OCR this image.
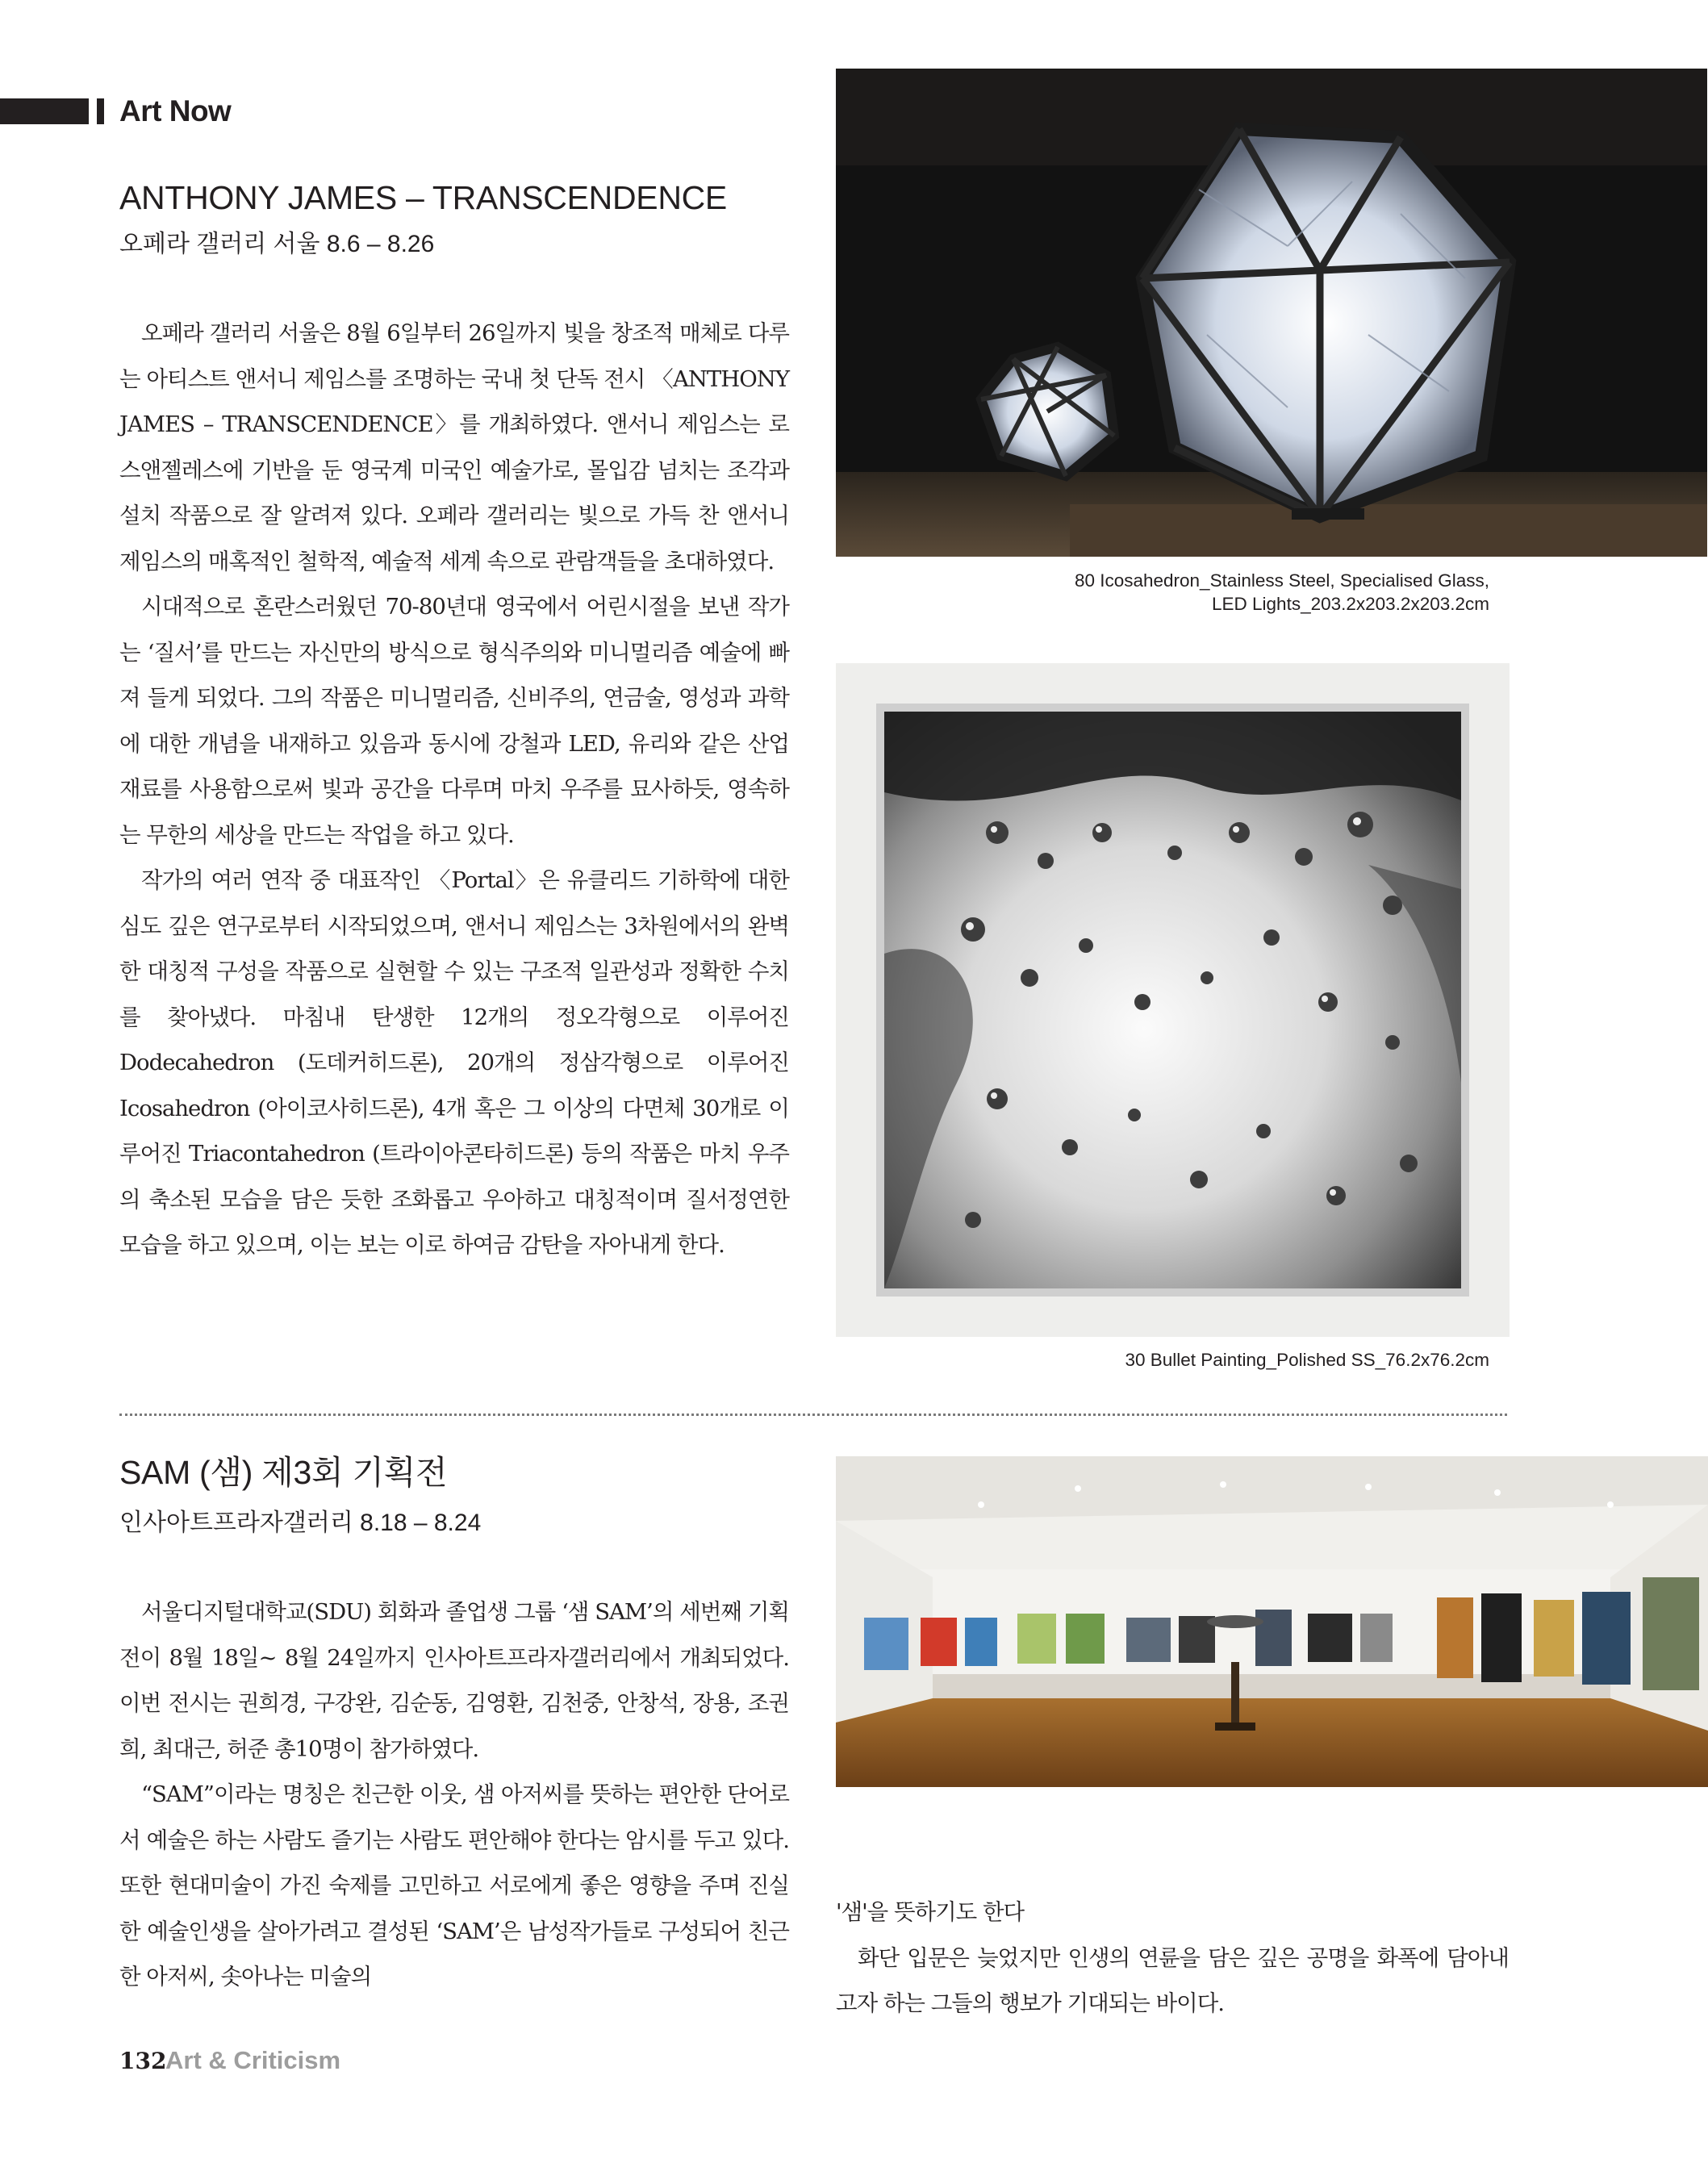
Art Now
ANTHONY JAMES – TRANSCENDENCE
오페라 갤러리 서울 8.6 – 8.26

오페라 갤러리 서울은 8월 6일부터 26일까지 빛을 창조적 매체로 다루는 아티스트 앤서니 제임스를 조명하는 국내 첫 단독 전시 〈ANTHONY JAMES – TRANSCENDENCE〉를 개최하였다. 앤서니 제임스는 로스앤젤레스에 기반을 둔 영국계 미국인 예술가로, 몰입감 넘치는 조각과 설치 작품으로 잘 알려져 있다. 오페라 갤러리는 빛으로 가득 찬 앤서니 제임스의 매혹적인 철학적, 예술적 세계 속으로 관람객들을 초대하였다.

시대적으로 혼란스러웠던 70-80년대 영국에서 어린시절을 보낸 작가는 ‘질서’를 만드는 자신만의 방식으로 형식주의와 미니멀리즘 예술에 빠져 들게 되었다. 그의 작품은 미니멀리즘, 신비주의, 연금술, 영성과 과학에 대한 개념을 내재하고 있음과 동시에 강철과 LED, 유리와 같은 산업 재료를 사용함으로써 빛과 공간을 다루며 마치 우주를 묘사하듯, 영속하는 무한의 세상을 만드는 작업을 하고 있다.

작가의 여러 연작 중 대표작인 〈Portal〉은 유클리드 기하학에 대한 심도 깊은 연구로부터 시작되었으며, 앤서니 제임스는 3차원에서의 완벽한 대칭적 구성을 작품으로 실현할 수 있는 구조적 일관성과 정확한 수치를 찾아냈다. 마침내 탄생한 12개의 정오각형으로 이루어진 Dodecahedron (도데커히드론), 20개의 정삼각형으로 이루어진 Icosahedron (아이코사히드론), 4개 혹은 그 이상의 다면체 30개로 이루어진 Triacontahedron (트라이아콘타히드론) 등의 작품은 마치 우주의 축소된 모습을 담은 듯한 조화롭고 우아하고 대칭적이며 질서정연한 모습을 하고 있으며, 이는 보는 이로 하여금 감탄을 자아내게 한다.

80 Icosahedron_Stainless Steel, Specialised Glass,
LED Lights_203.2x203.2x203.2cm
30 Bullet Painting_Polished SS_76.2x76.2cm
SAM (샘) 제3회 기획전
인사아트프라자갤러리 8.18 – 8.24

서울디지털대학교(SDU) 회화과 졸업생 그룹 ‘샘 SAM’의 세번째 기획전이 8월 18일~ 8월 24일까지 인사아트프라자갤러리에서 개최되었다. 이번 전시는 권희경, 구강완, 김순동, 김영환, 김천중, 안창석, 장용, 조권희, 최대근, 허준 총10명이 참가하였다.

“SAM”이라는 명칭은 친근한 이웃, 샘 아저씨를 뜻하는 편안한 단어로서 예술은 하는 사람도 즐기는 사람도 편안해야 한다는 암시를 두고 있다. 또한 현대미술이 가진 숙제를 고민하고 서로에게 좋은 영향을 주며 진실한 예술인생을 살아가려고 결성된 ‘SAM’은 남성작가들로 구성되어 친근한 아저씨, 솟아나는 미술의

'샘'을 뜻하기도 한다

화단 입문은 늦었지만 인생의 연륜을 담은 깊은 공명을 화폭에 담아내고자 하는 그들의 행보가 기대되는 바이다.

132
Art & Criticism
